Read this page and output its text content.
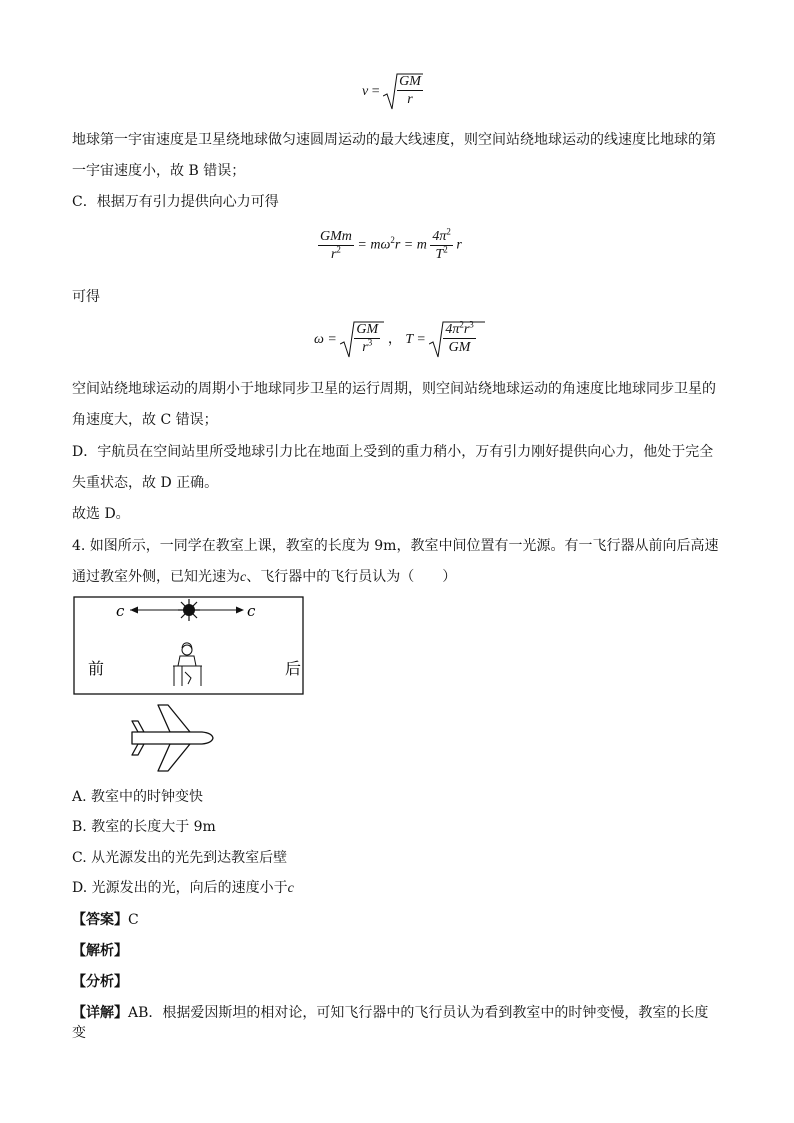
$v = \frac{GM}{r}$
地球第一宇宙速度是卫星绕地球做匀速圆周运动的最大线速度，则空间站绕地球运动的线速度比地球的第
一宇宙速度小，故 B 错误；
C．根据万有引力提供向心力可得
$\frac{\text{GMm}}{r^2} = m\omega^2r = m \frac{4\pi^2}{T^2}$ r
可得
$\omega = \frac{GM}{r^3}$ ， $T = \frac{4\pi^2r^3}{GM}$
空间站绕地球运动的周期小于地球同步卫星的运行周期，则空间站绕地球运动的角速度比地球同步卫星的
角速度大，故 C 错误；
D．宇航员在空间站里所受地球引力比在地面上受到的重力稍小，万有引力刚好提供向心力，他处于完全
失重状态，故 D 正确。
故选 D。
4. 如图所示，一同学在教室上课，教室的长度为 9m，教室中间位置有一光源。有一飞行器从前向后高速
通过教室外侧，已知光速为c、飞行器中的飞行员认为（　　）
c	c
前	后
A. 教室中的时钟变快
B. 教室的长度大于 9m
C. 从光源发出的光先到达教室后壁
D. 光源发出的光，向后的速度小于c
【答案】C
【解析】
【分析】
【详解】AB．根据爱因斯坦的相对论，可知飞行器中的飞行员认为看到教室中的时钟变慢，教室的长度变
